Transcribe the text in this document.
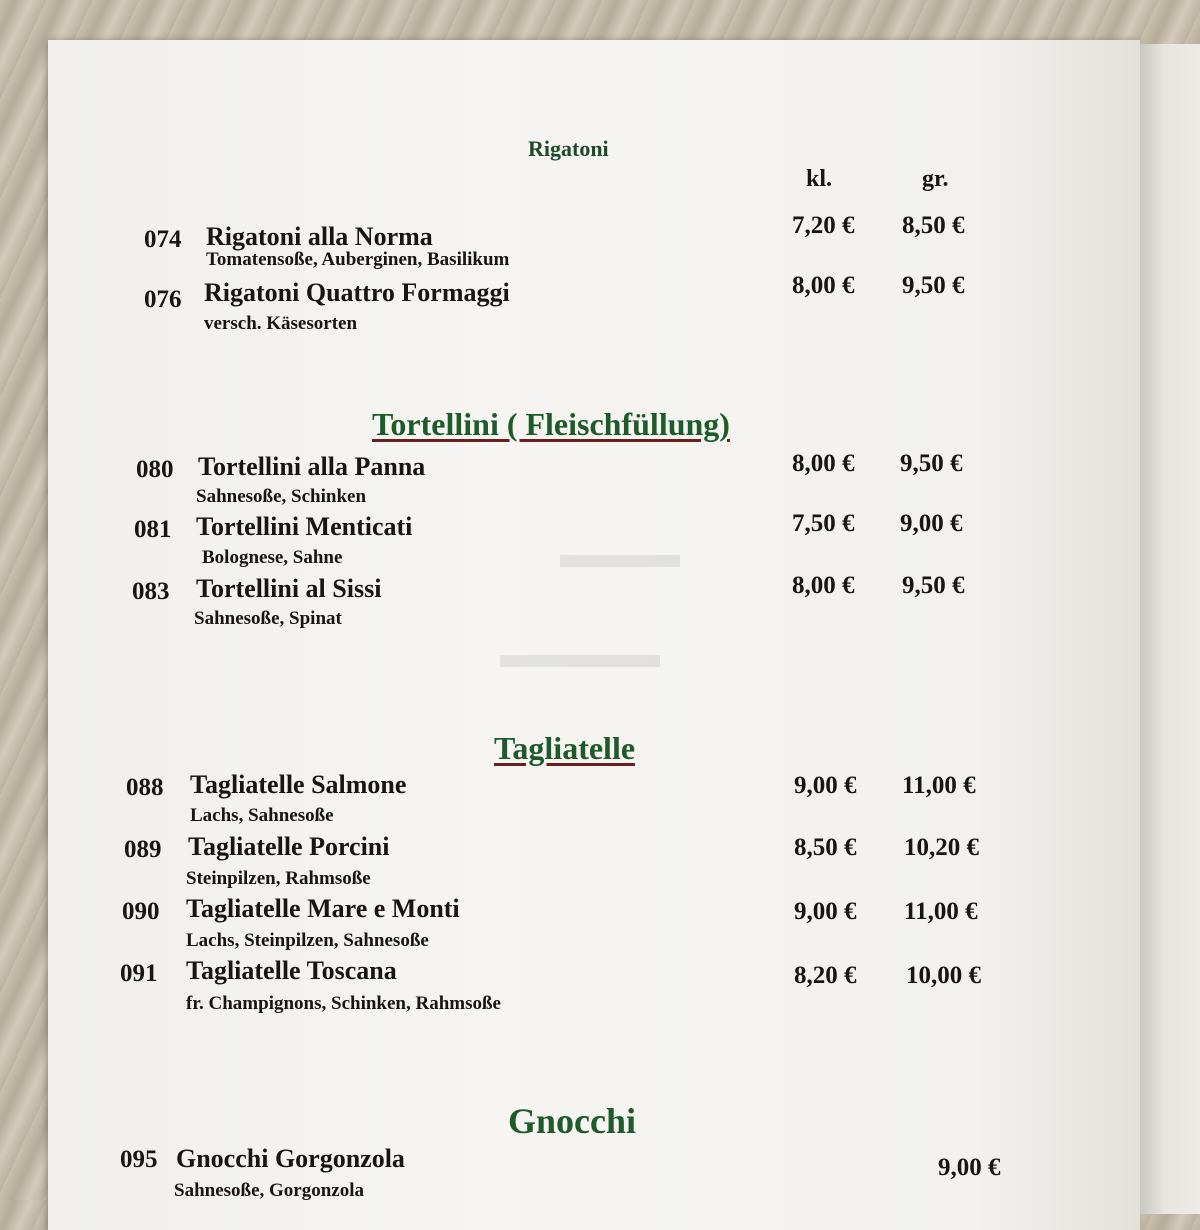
▬▬▬
▬▬▬▬
Rigatoni
kl.	gr.
074 Rigatoni alla Norma
Tomatensoße, Auberginen, Basilikum
7,20 € 8,50 €
076 Rigatoni Quattro Formaggi
versch. Käsesorten
8,00 € 9,50 €
Tortellini ( Fleischfüllung)
080 Tortellini alla Panna
Sahnesoße, Schinken
8,00 € 9,50 €
081 Tortellini Menticati
Bolognese, Sahne
7,50 € 9,00 €
083 Tortellini al Sissi
Sahnesoße, Spinat
8,00 € 9,50 €
Tagliatelle
088 Tagliatelle Salmone
Lachs, Sahnesoße
9,00 € 11,00 €
089 Tagliatelle Porcini
Steinpilzen, Rahmsoße
8,50 € 10,20 €
090 Tagliatelle Mare e Monti
Lachs, Steinpilzen, Sahnesoße
9,00 € 11,00 €
091 Tagliatelle Toscana
fr. Champignons, Schinken, Rahmsoße
8,20 € 10,00 €
Gnocchi
095 Gnocchi Gorgonzola
Sahnesoße, Gorgonzola
9,00 €
